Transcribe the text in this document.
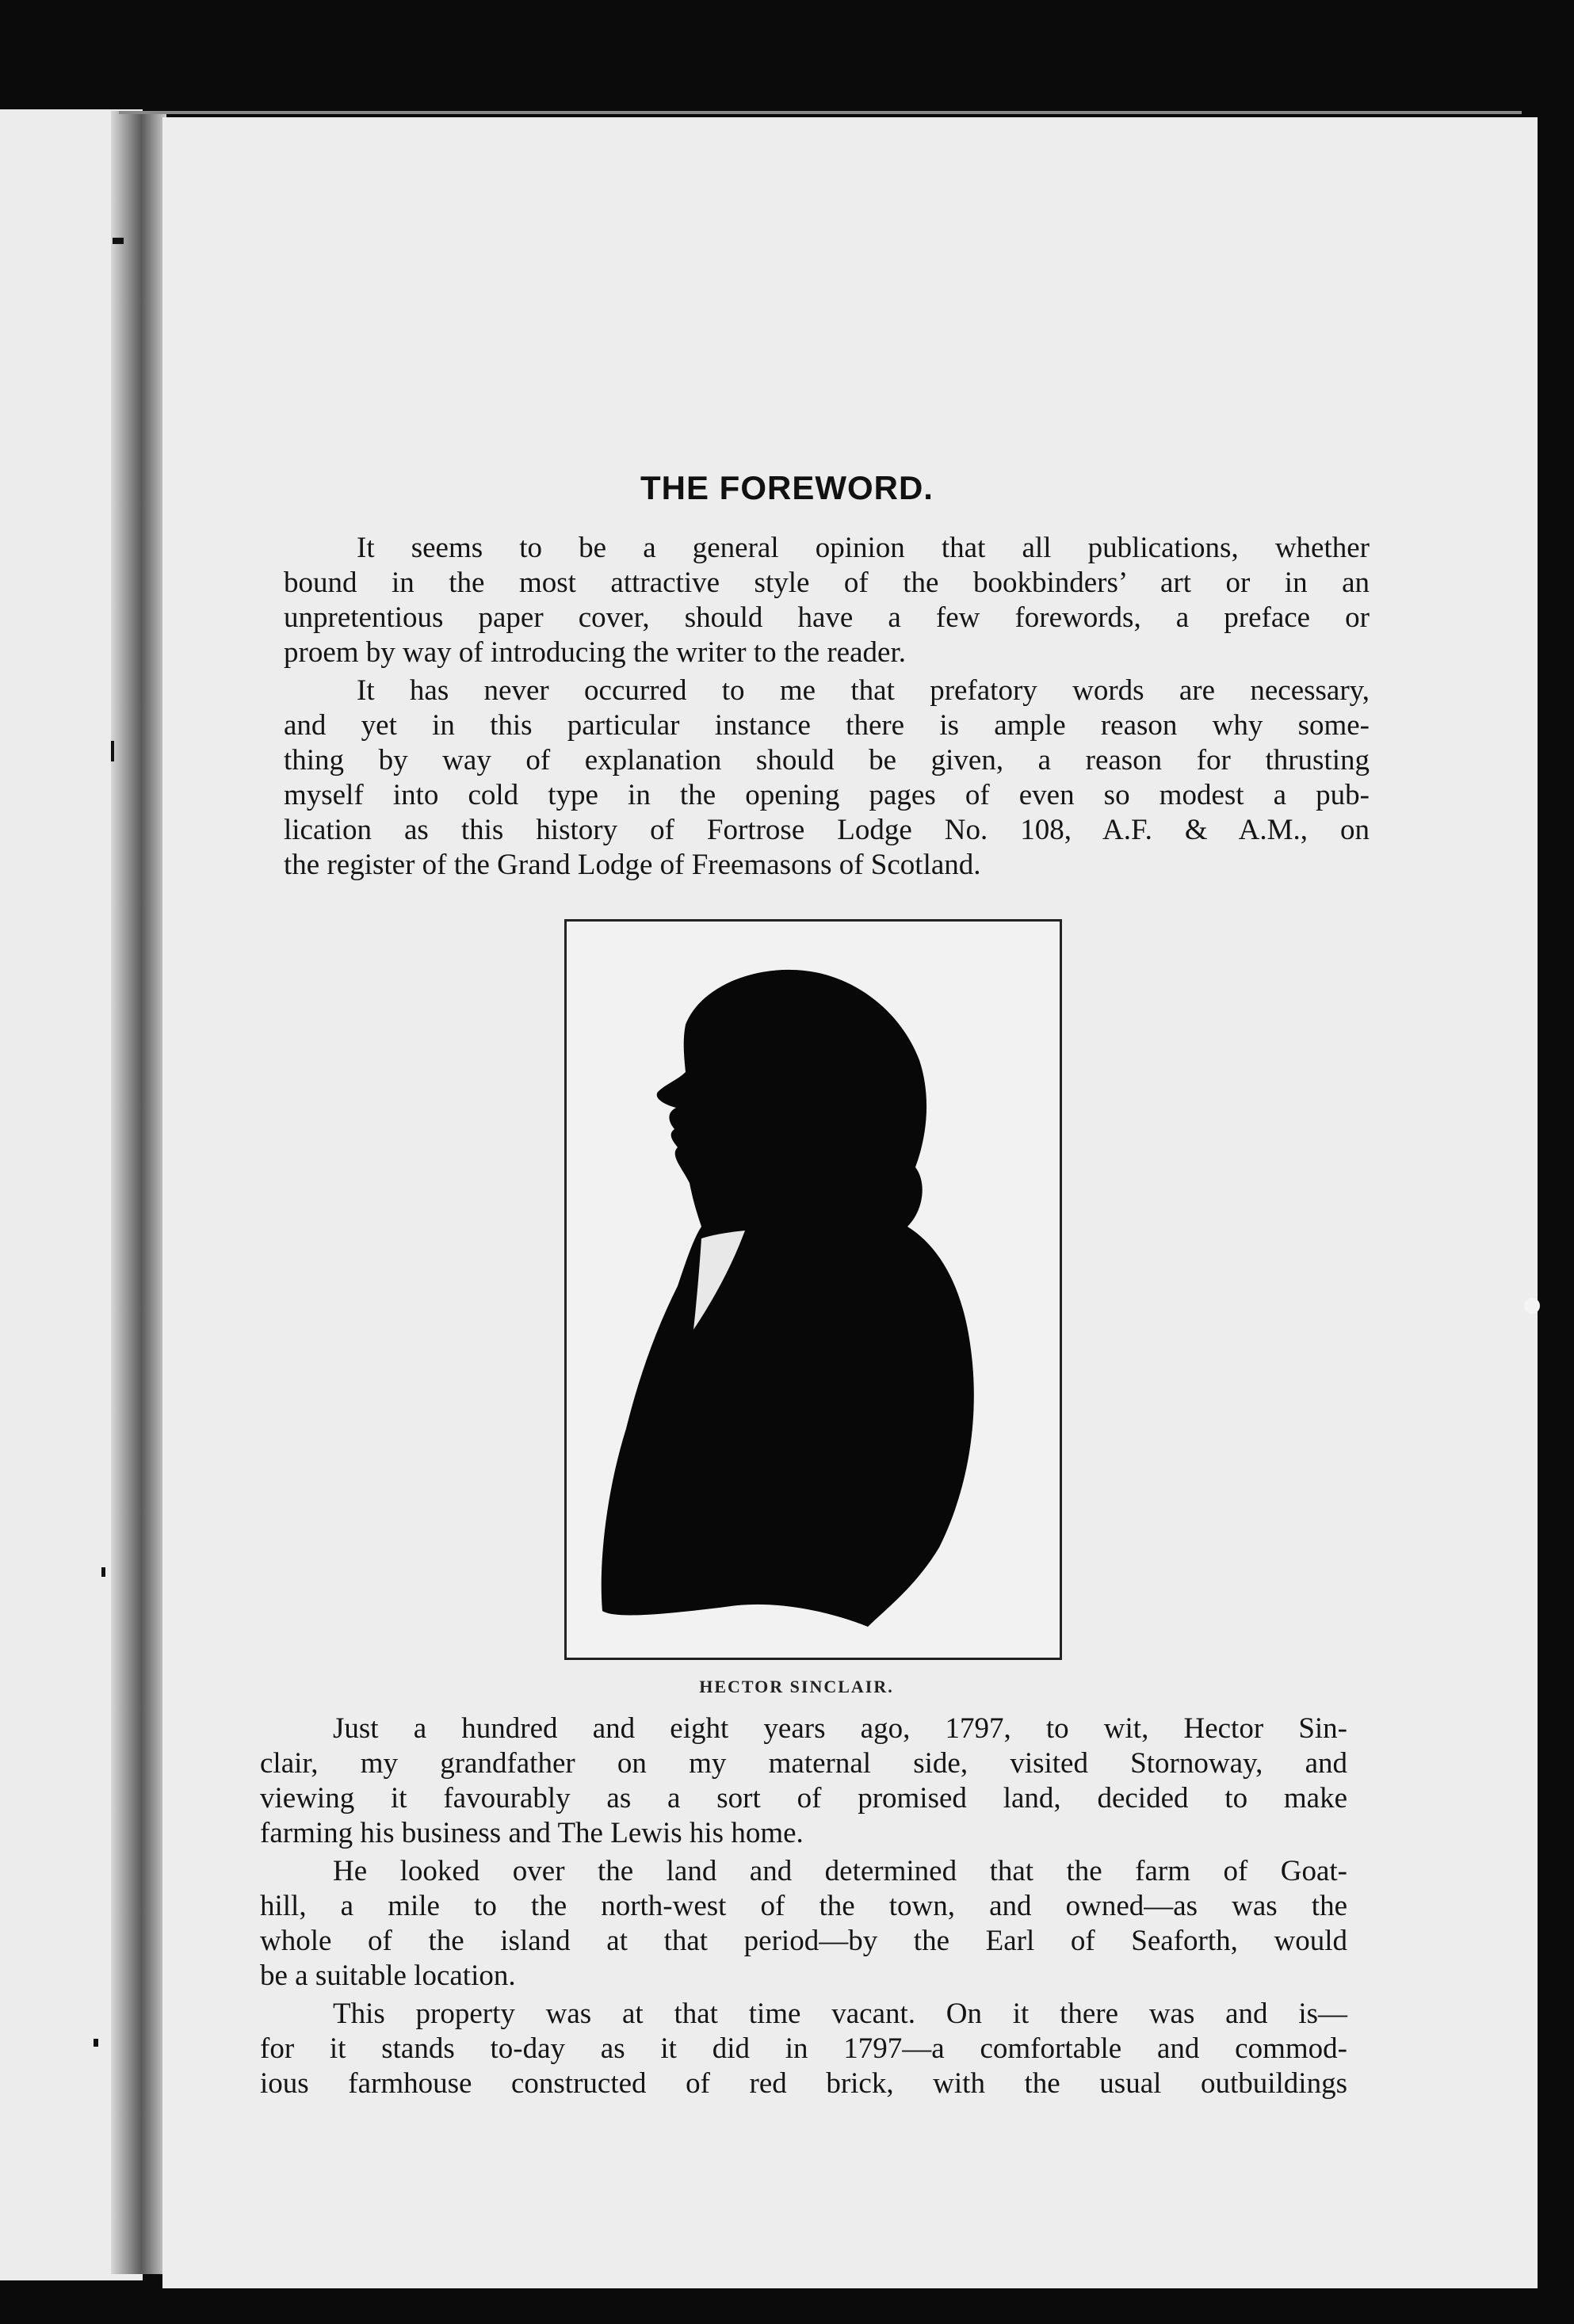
THE FOREWORD.
It seems to be a general opinion that all publications, whether
bound in the most attractive style of the bookbinders’ art or in an
unpretentious paper cover, should have a few forewords, a preface or
proem by way of introducing the writer to the reader.
It has never occurred to me that prefatory words are necessary,
and yet in this particular instance there is ample reason why some-
thing by way of explanation should be given, a reason for thrusting
myself into cold type in the opening pages of even so modest a pub-
lication as this history of Fortrose Lodge No. 108, A.F. & A.M., on
the register of the Grand Lodge of Freemasons of Scotland.
HECTOR SINCLAIR.
Just a hundred and eight years ago, 1797, to wit, Hector Sin-
clair, my grandfather on my maternal side, visited Stornoway, and
viewing it favourably as a sort of promised land, decided to make
farming his business and The Lewis his home.
He looked over the land and determined that the farm of Goat-
hill, a mile to the north-west of the town, and owned—as was the
whole of the island at that period—by the Earl of Seaforth, would
be a suitable location.
This property was at that time vacant. On it there was and is—
for it stands to-day as it did in 1797—a comfortable and commod-
ious farmhouse constructed of red brick, with the usual outbuildings
